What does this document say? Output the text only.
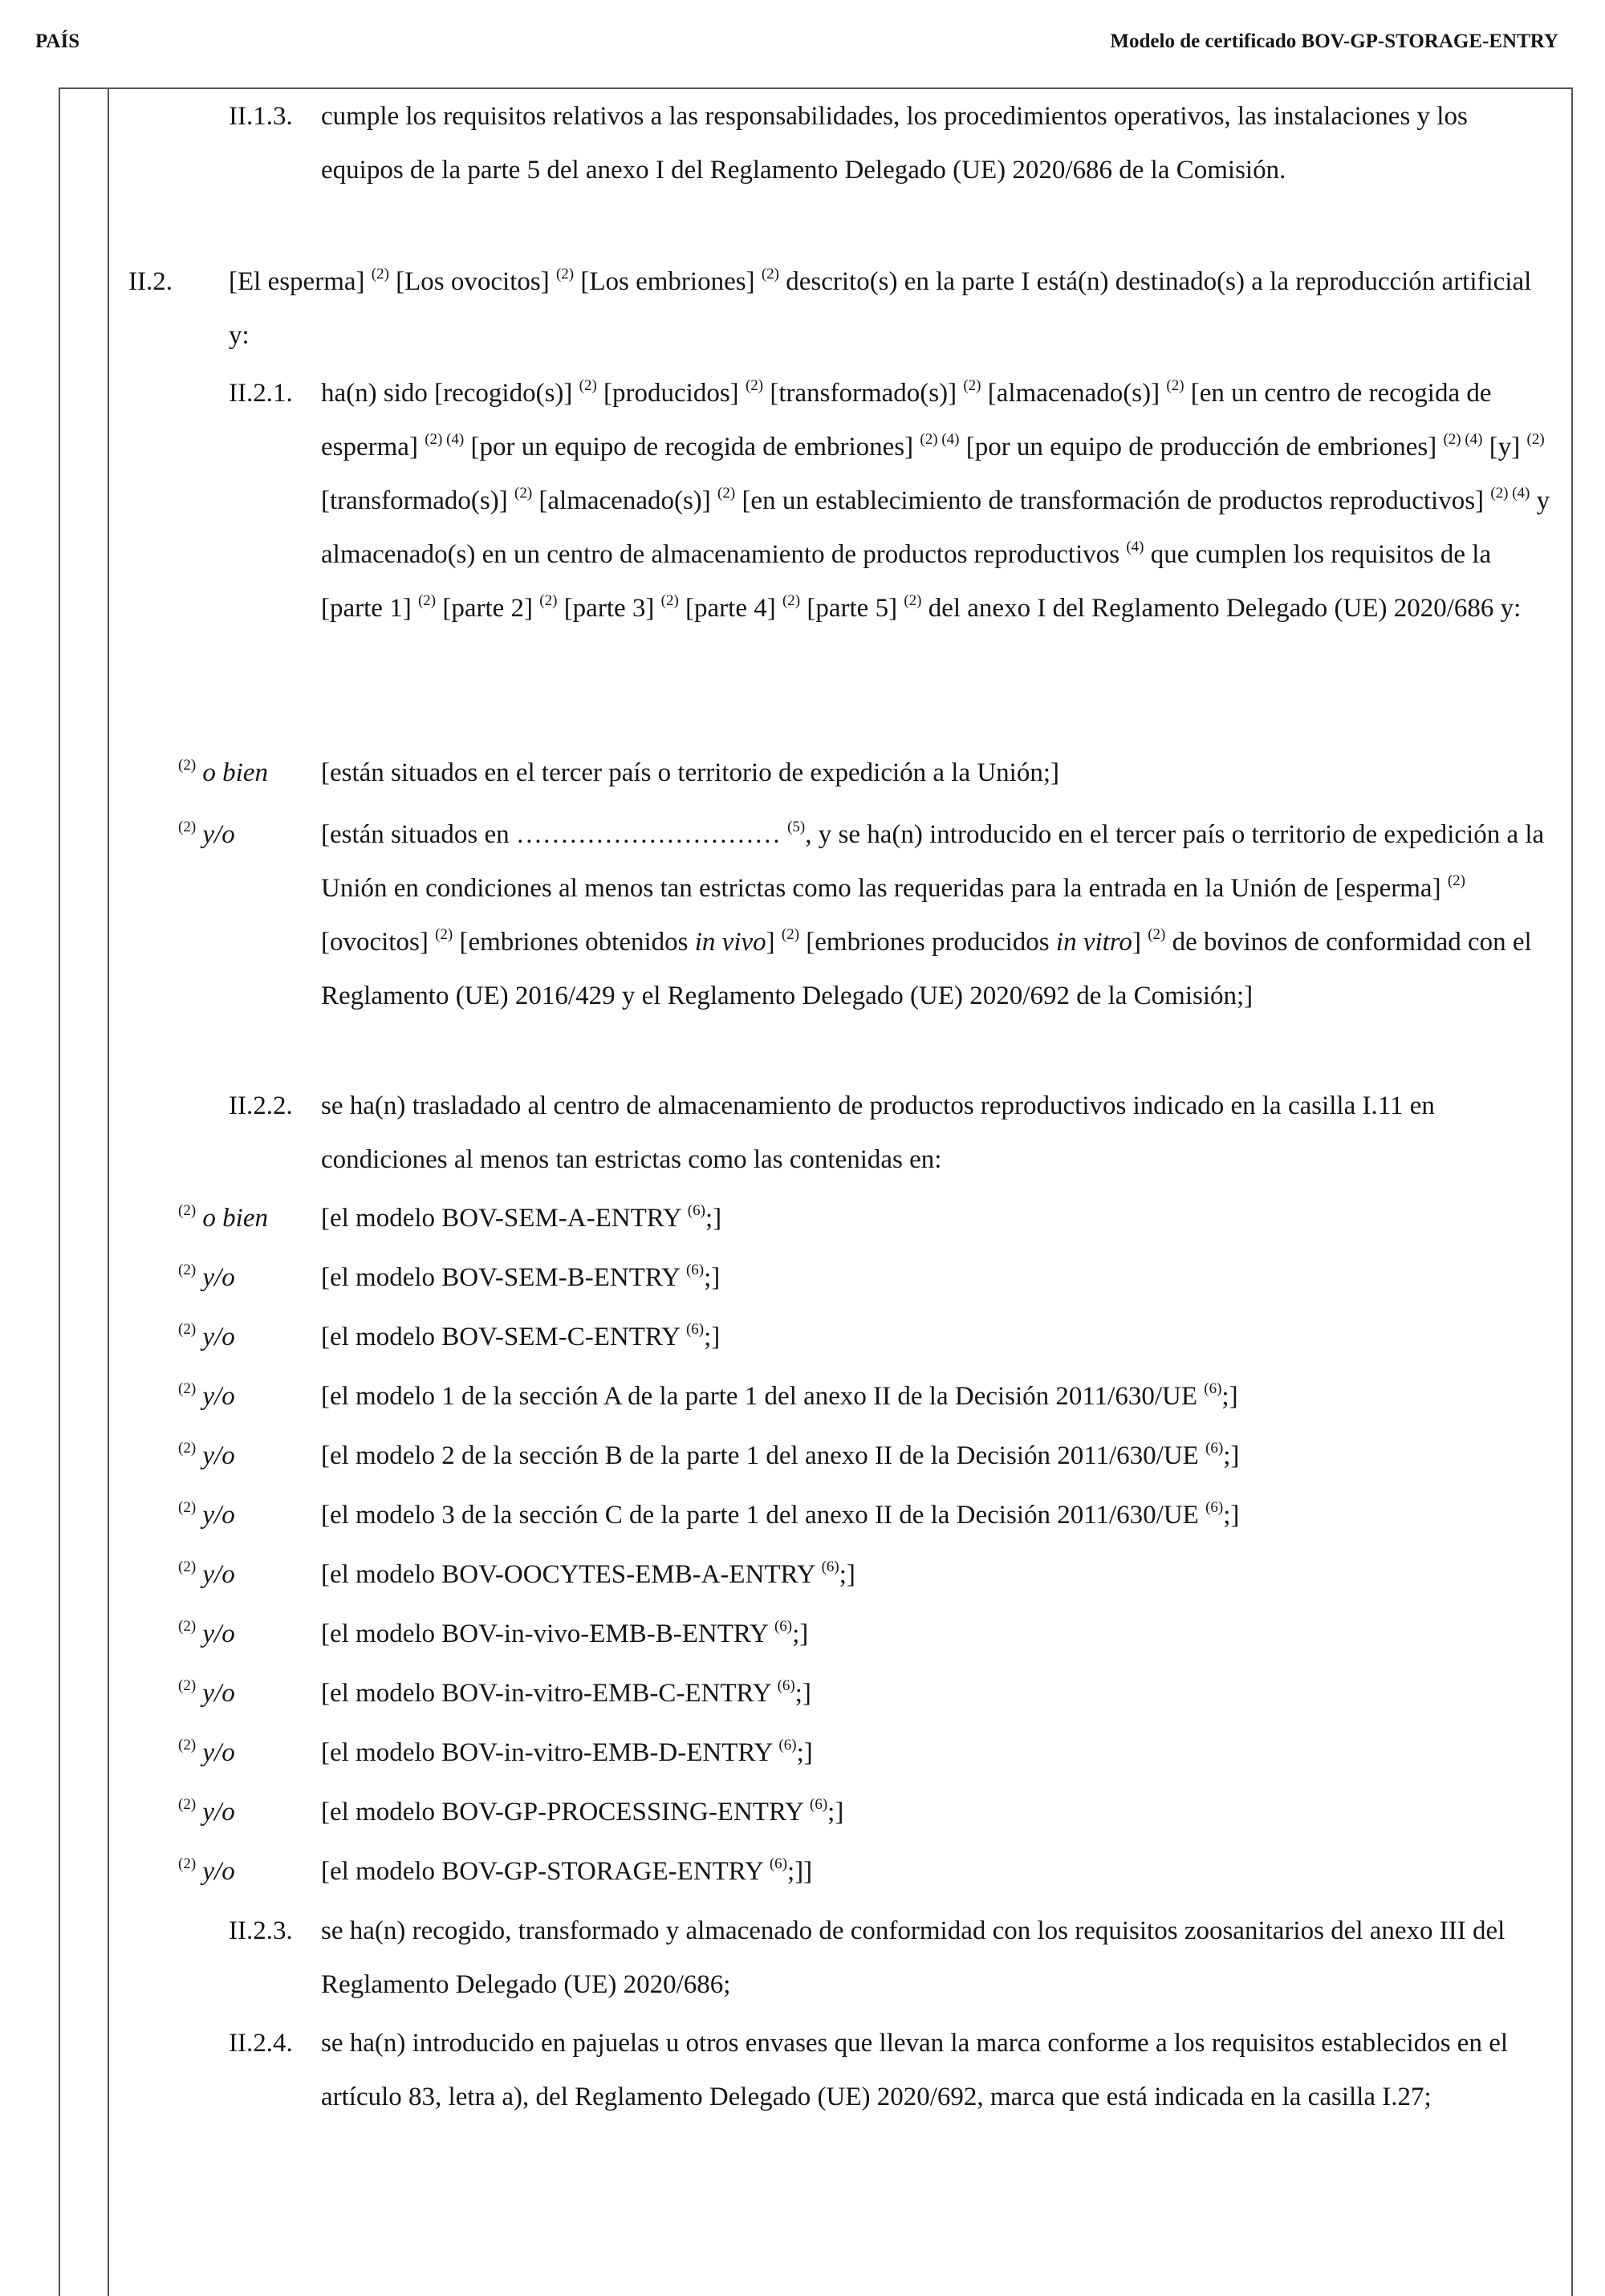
PAÍS	Modelo de certificado BOV-GP-STORAGE-ENTRY
II.1.3. cumple los requisitos relativos a las responsabilidades, los procedimientos operativos, las instalaciones y los equipos de la parte 5 del anexo I del Reglamento Delegado (UE) 2020/686 de la Comisión.
II.2. [El esperma] $^{(2)}$ [Los ovocitos] $^{(2)}$ [Los embriones] $^{(2)}$ descrito(s) en la parte I está(n) destinado(s) a la reproducción artificial y:
II.2.1. ha(n) sido [recogido(s)] $^{(2)}$ [producidos] $^{(2)}$ [transformado(s)] $^{(2)}$ [almacenado(s)] $^{(2)}$ [en un centro de recogida de esperma] $^{(2) (4)}$ [por un equipo de recogida de embriones] $^{(2) (4)}$ [por un equipo de producción de embriones] $^{(2) (4)}$ [y] $^{(2)}$ [transformado(s)] $^{(2)}$ [almacenado(s)] $^{(2)}$ [en un establecimiento de transformación de productos reproductivos] $^{(2) (4)}$ y almacenado(s) en un centro de almacenamiento de productos reproductivos $^{(4)}$ que cumplen los requisitos de la [parte 1] $^{(2)}$ [parte 2] $^{(2)}$ [parte 3] $^{(2)}$ [parte 4] $^{(2)}$ [parte 5] $^{(2)}$ del anexo I del Reglamento Delegado (UE) 2020/686 y:
$^{(2)}$ o bien	[están situados en el tercer país o territorio de expedición a la Unión;]
$^{(2)}$ y/o	[están situados en ………………………… $^{(5)}$, y se ha(n) introducido en el tercer país o territorio de expedición a la Unión en condiciones al menos tan estrictas como las requeridas para la entrada en la Unión de [esperma] $^{(2)}$ [ovocitos] $^{(2)}$ [embriones obtenidos in vivo] $^{(2)}$ [embriones producidos in vitro] $^{(2)}$ de bovinos de conformidad con el Reglamento (UE) 2016/429 y el Reglamento Delegado (UE) 2020/692 de la Comisión;]
II.2.2. se ha(n) trasladado al centro de almacenamiento de productos reproductivos indicado en la casilla I.11 en condiciones al menos tan estrictas como las contenidas en:
$^{(2)}$ o bien	[el modelo BOV-SEM-A-ENTRY $^{(6)}$;]
$^{(2)}$ y/o	[el modelo BOV-SEM-B-ENTRY $^{(6)}$;]
$^{(2)}$ y/o	[el modelo BOV-SEM-C-ENTRY $^{(6)}$;]
$^{(2)}$ y/o	[el modelo 1 de la sección A de la parte 1 del anexo II de la Decisión 2011/630/UE $^{(6)}$;]
$^{(2)}$ y/o	[el modelo 2 de la sección B de la parte 1 del anexo II de la Decisión 2011/630/UE $^{(6)}$;]
$^{(2)}$ y/o	[el modelo 3 de la sección C de la parte 1 del anexo II de la Decisión 2011/630/UE $^{(6)}$;]
$^{(2)}$ y/o	[el modelo BOV-OOCYTES-EMB-A-ENTRY $^{(6)}$;]
$^{(2)}$ y/o	[el modelo BOV-in-vivo-EMB-B-ENTRY $^{(6)}$;]
$^{(2)}$ y/o	[el modelo BOV-in-vitro-EMB-C-ENTRY $^{(6)}$;]
$^{(2)}$ y/o	[el modelo BOV-in-vitro-EMB-D-ENTRY $^{(6)}$;]
$^{(2)}$ y/o	[el modelo BOV-GP-PROCESSING-ENTRY $^{(6)}$;]
$^{(2)}$ y/o	[el modelo BOV-GP-STORAGE-ENTRY $^{(6)}$;]]
II.2.3. se ha(n) recogido, transformado y almacenado de conformidad con los requisitos zoosanitarios del anexo III del Reglamento Delegado (UE) 2020/686;
II.2.4. se ha(n) introducido en pajuelas u otros envases que llevan la marca conforme a los requisitos establecidos en el artículo 83, letra a), del Reglamento Delegado (UE) 2020/692, marca que está indicada en la casilla I.27;
